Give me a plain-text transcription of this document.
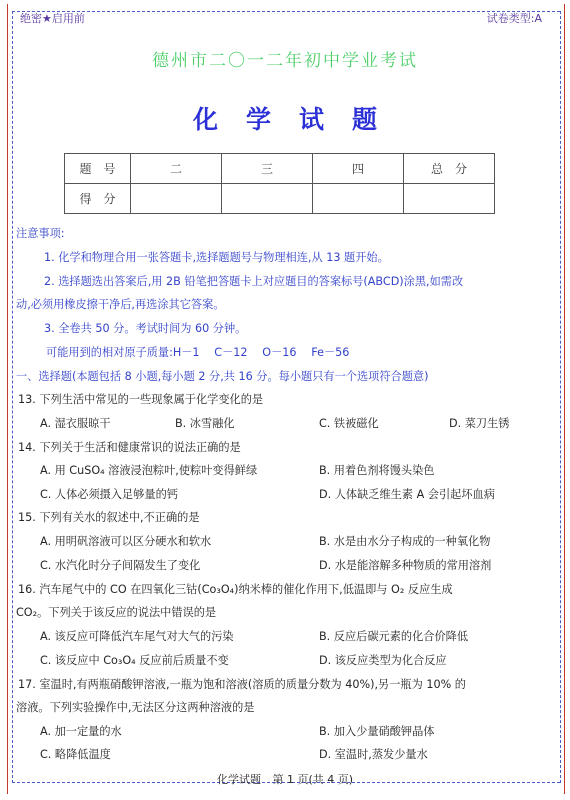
绝密★启用前	试卷类型:A
德州市二〇一二年初中学业考试
化学试题
题　号	二	三	四	总　分
得　分				
注意事项:
1. 化学和物理合用一张答题卡,选择题题号与物理相连,从 13 题开始。
2. 选择题选出答案后,用 2B 铅笔把答题卡上对应题目的答案标号(ABCD)涂黑,如需改
动,必须用橡皮擦干净后,再选涂其它答案。
3. 全卷共 50 分。考试时间为 60 分钟。
可能用到的相对原子质量:H－1　 C－12　 O－16　 Fe－56
一、选择题(本题包括 8 小题,每小题 2 分,共 16 分。每小题只有一个选项符合题意)
13. 下列生活中常见的一些现象属于化学变化的是
A. 湿衣服晾干	B. 冰雪融化	C. 铁被磁化	D. 菜刀生锈
14. 下列关于生活和健康常识的说法正确的是
A. 用 CuSO₄ 溶液浸泡粽叶,使粽叶变得鲜绿	B. 用着色剂将馒头染色
C. 人体必须摄入足够量的钙	D. 人体缺乏维生素 A 会引起坏血病
15. 下列有关水的叙述中,不正确的是
A. 用明矾溶液可以区分硬水和软水	B. 水是由水分子构成的一种氧化物
C. 水汽化时分子间隔发生了变化	D. 水是能溶解多种物质的常用溶剂
16. 汽车尾气中的 CO 在四氧化三钴(Co₃O₄)纳米棒的催化作用下,低温即与 O₂ 反应生成
CO₂。下列关于该反应的说法中错误的是
A. 该反应可降低汽车尾气对大气的污染	B. 反应后碳元素的化合价降低
C. 该反应中 Co₃O₄ 反应前后质量不变	D. 该反应类型为化合反应
17. 室温时,有两瓶硝酸钾溶液,一瓶为饱和溶液(溶质的质量分数为 40%),另一瓶为 10% 的
溶液。下列实验操作中,无法区分这两种溶液的是
A. 加一定量的水	B. 加入少量硝酸钾晶体
C. 略降低温度	D. 室温时,蒸发少量水
化学试题 第 1 页(共 4 页)
